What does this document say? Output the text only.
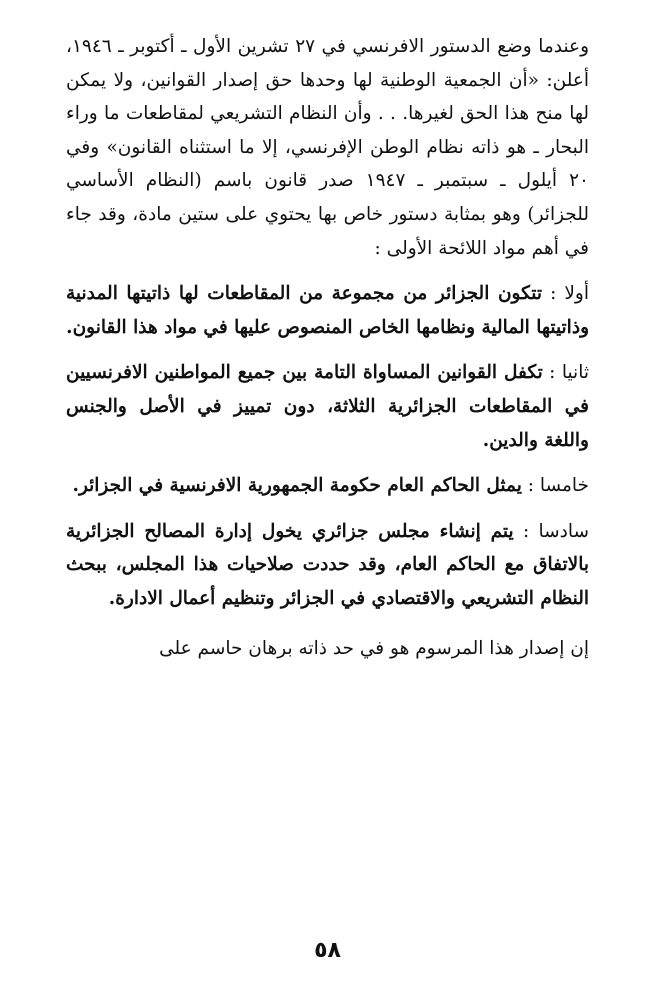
وعندما وضع الدستور الافرنسي في ٢٧ تشرين الأول ـ أكتوبر ـ ١٩٤٦، أعلن: «أن الجمعية الوطنية لها وحدها حق إصدار القوانين، ولا يمكن لها منح هذا الحق لغيرها. . . وأن النظام التشريعي لمقاطعات ما وراء البحار ـ هو ذاته نظام الوطن الإفرنسي، إلا ما استثناه القانون» وفي ٢٠ أيلول ـ سبتمبر ـ ١٩٤٧ صدر قانون باسم (النظام الأساسي للجزائر) وهو بمثابة دستور خاص بها يحتوي على ستين مادة، وقد جاء في أهم مواد اللائحة الأولى :

أولا : تتكون الجزائر من مجموعة من المقاطعات لها ذاتيتها المدنية وذاتيتها المالية ونظامها الخاص المنصوص عليها في مواد هذا القانون.

ثانيا : تكفل القوانين المساواة التامة بين جميع المواطنين الافرنسيين في المقاطعات الجزائرية الثلاثة، دون تمييز في الأصل والجنس واللغة والدين.

خامسا : يمثل الحاكم العام حكومة الجمهورية الافرنسية في الجزائر.

سادسا : يتم إنشاء مجلس جزائري يخول إدارة المصالح الجزائرية بالاتفاق مع الحاكم العام، وقد حددت صلاحيات هذا المجلس، ببحث النظام التشريعي والاقتصادي في الجزائر وتنظيم أعمال الادارة.

إن إصدار هذا المرسوم هو في حد ذاته برهان حاسم على

٥٨
